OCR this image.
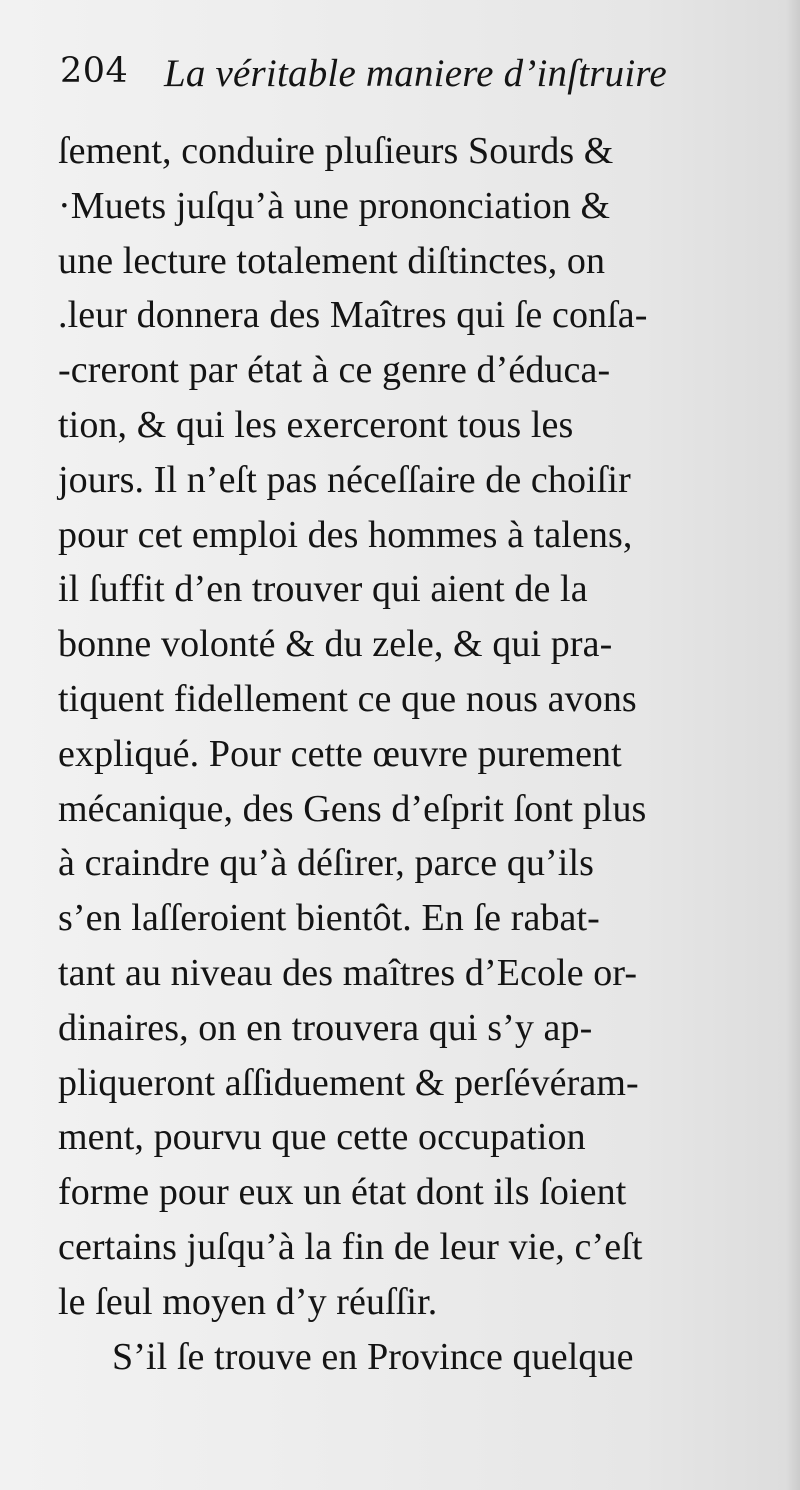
204 La véritable maniere d’inſtruire
ſement, conduire pluſieurs Sourds &
·Muets juſqu’à une prononciation &
une lecture totalement diſtinctes, on
.leur donnera des Maîtres qui ſe conſa-
-creront par état à ce genre d’éduca-
tion, & qui les exerceront tous les
jours. Il n’eſt pas néceſſaire de choiſir
pour cet emploi des hommes à talens,
il ſuffit d’en trouver qui aient de la
bonne volonté & du zele, & qui pra-
tiquent fidellement ce que nous avons
expliqué. Pour cette œuvre purement
mécanique, des Gens d’eſprit ſont plus
à craindre qu’à déſirer, parce qu’ils
s’en laſſeroient bientôt. En ſe rabat-
tant au niveau des maîtres d’Ecole or-
dinaires, on en trouvera qui s’y ap-
pliqueront aſſiduement & perſévéram-
ment, pourvu que cette occupation
forme pour eux un état dont ils ſoient
certains juſqu’à la fin de leur vie, c’eſt
le ſeul moyen d’y réuſſir.
S’il ſe trouve en Province quelque
